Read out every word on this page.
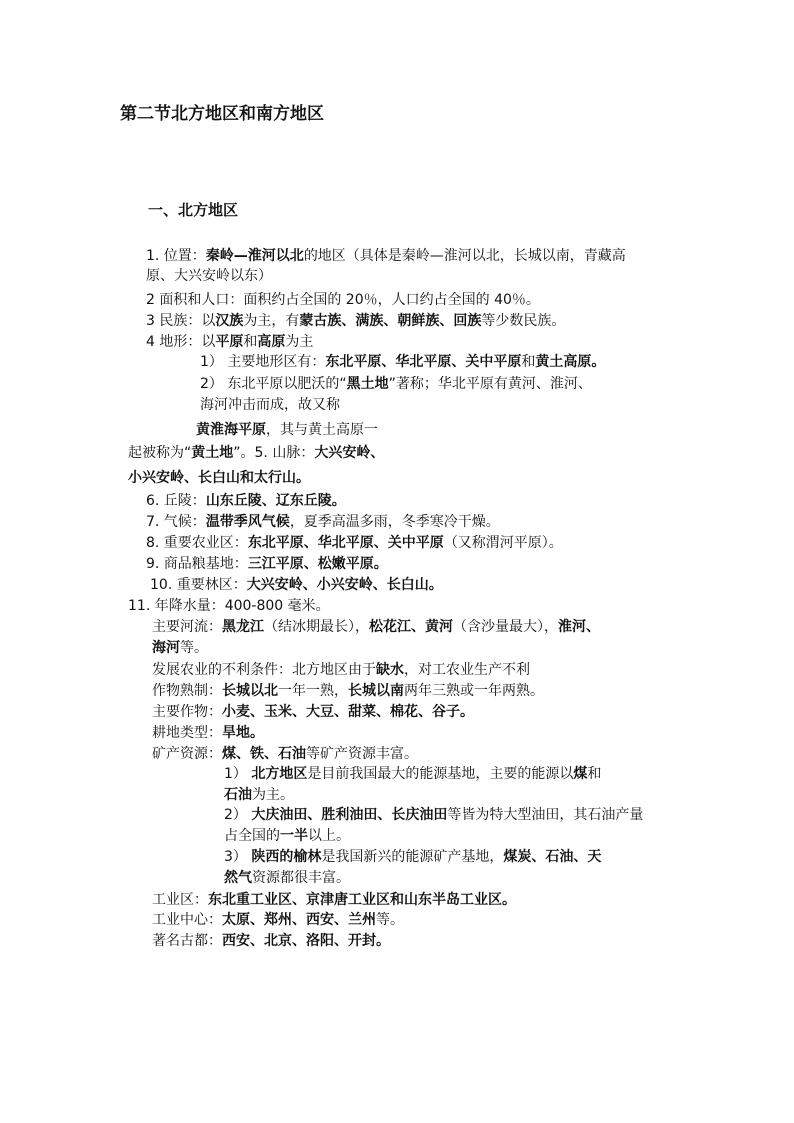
第二节北方地区和南方地区
一、北方地区
1. 位置：秦岭—淮河以北的地区（具体是秦岭—淮河以北，长城以南，青藏高
原、大兴安岭以东）
2 面积和人口：面积约占全国的 20％，人口约占全国的 40％。
3 民族：以汉族为主，有蒙古族、满族、朝鲜族、回族等少数民族。
4 地形：以平原和高原为主
1） 主要地形区有：东北平原、华北平原、关中平原和黄土高原。
2） 东北平原以肥沃的“黑土地”著称；华北平原有黄河、淮河、
海河冲击而成，故又称
黄淮海平原，其与黄土高原一
起被称为“黄土地”。5. 山脉：大兴安岭、
小兴安岭、长白山和太行山。
6. 丘陵：山东丘陵、辽东丘陵。
7. 气候：温带季风气候，夏季高温多雨，冬季寒冷干燥。
8. 重要农业区：东北平原、华北平原、关中平原（又称渭河平原）。
9. 商品粮基地：三江平原、松嫩平原。
10. 重要林区：大兴安岭、小兴安岭、长白山。
11. 年降水量：400-800 毫米。
主要河流：黑龙江（结冰期最长），松花江、黄河（含沙量最大），淮河、
海河等。
发展农业的不利条件：北方地区由于缺水，对工农业生产不利
作物熟制：长城以北一年一熟，长城以南两年三熟或一年两熟。
主要作物：小麦、玉米、大豆、甜菜、棉花、谷子。
耕地类型：旱地。
矿产资源：煤、铁、石油等矿产资源丰富。
1） 北方地区是目前我国最大的能源基地，主要的能源以煤和
石油为主。
2） 大庆油田、胜利油田、长庆油田等皆为特大型油田，其石油产量
占全国的一半以上。
3） 陕西的榆林是我国新兴的能源矿产基地，煤炭、石油、天
然气资源都很丰富。
工业区：东北重工业区、京津唐工业区和山东半岛工业区。
工业中心：太原、郑州、西安、兰州等。
著名古都：西安、北京、洛阳、开封。
